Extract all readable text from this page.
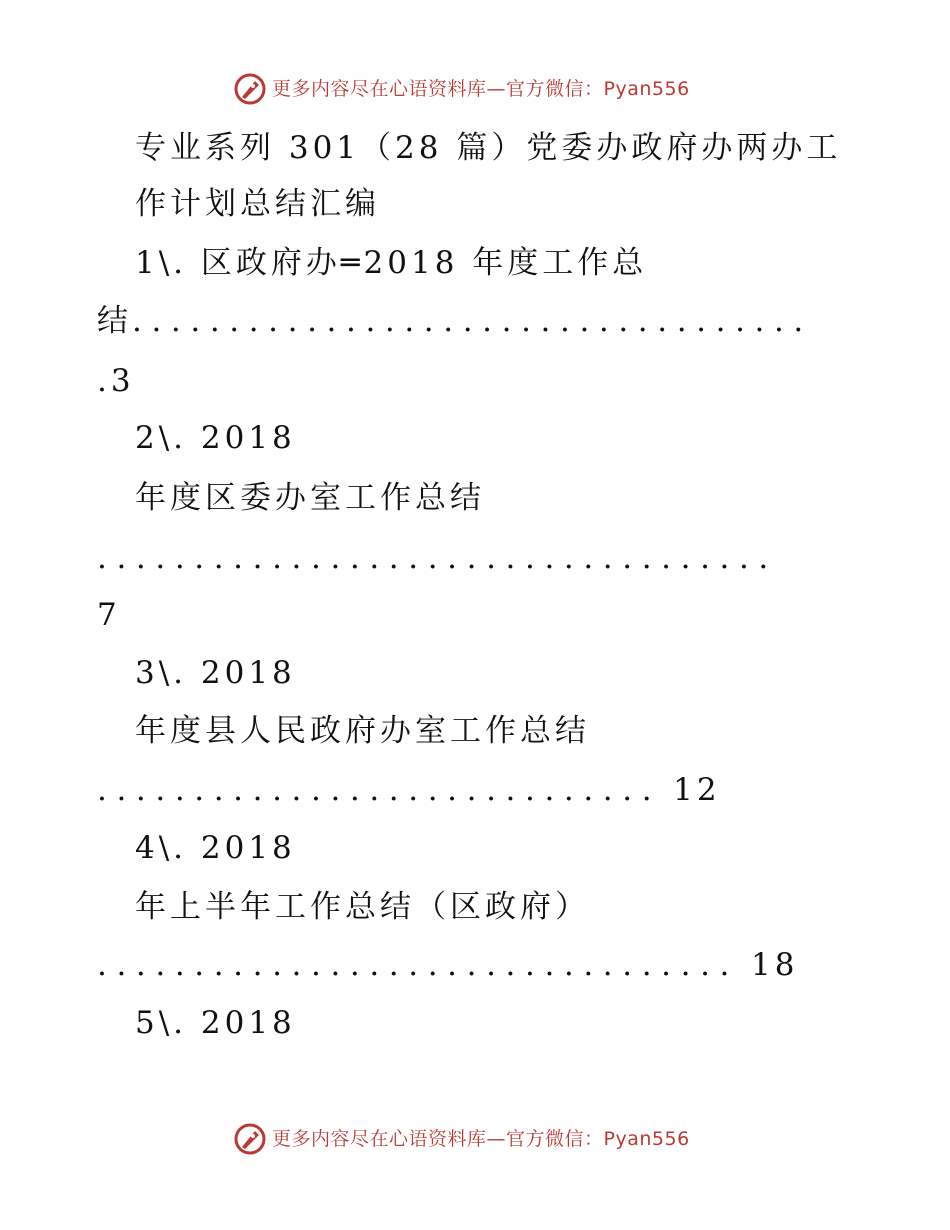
更多内容尽在心语资料库—官方微信：Pyan556
专业系列 301（28 篇）党委办政府办两办工
作计划总结汇编
1\. 区政府办═2018 年度工作总
结...................................
.3
2\. 2018
年度区委办室工作总结
...................................
7
3\. 2018
年度县人民政府办室工作总结
............................. 12
4\. 2018
年上半年工作总结（区政府）
................................. 18
5\. 2018
更多内容尽在心语资料库—官方微信：Pyan556
